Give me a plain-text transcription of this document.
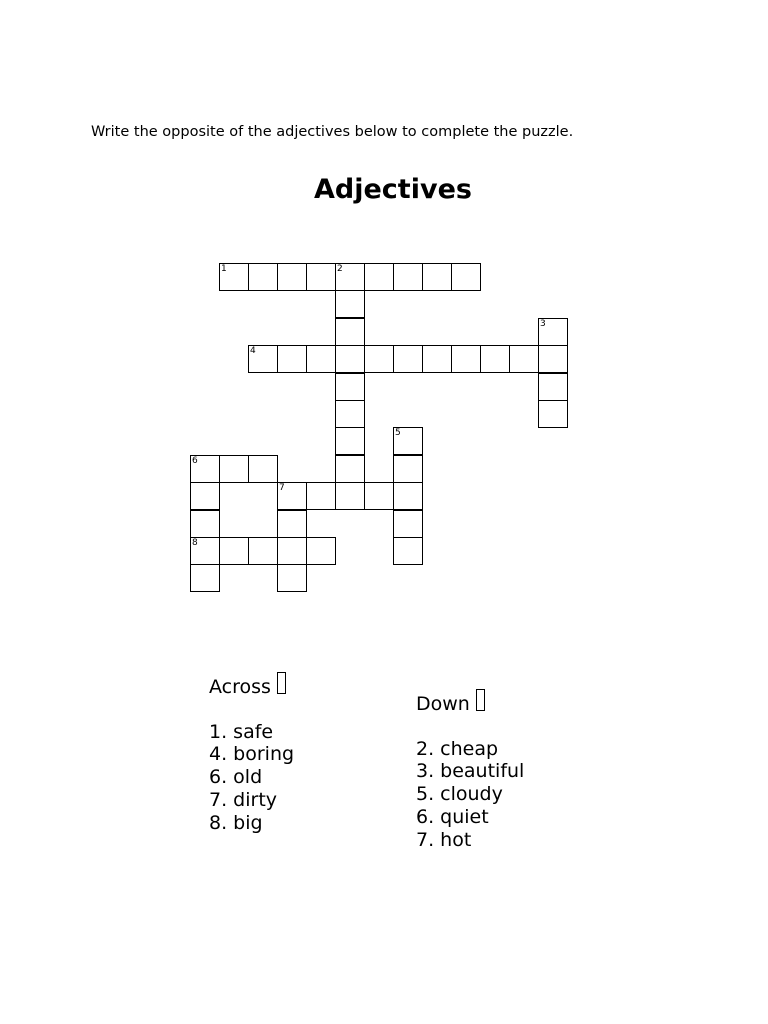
Write the opposite of the adjectives below to complete the puzzle.
Adjectives
1	2
3
4
5
6
7
8
Across
1. safe
4. boring
6. old
7. dirty
8. big
Down
2. cheap
3. beautiful
5. cloudy
6. quiet
7. hot
